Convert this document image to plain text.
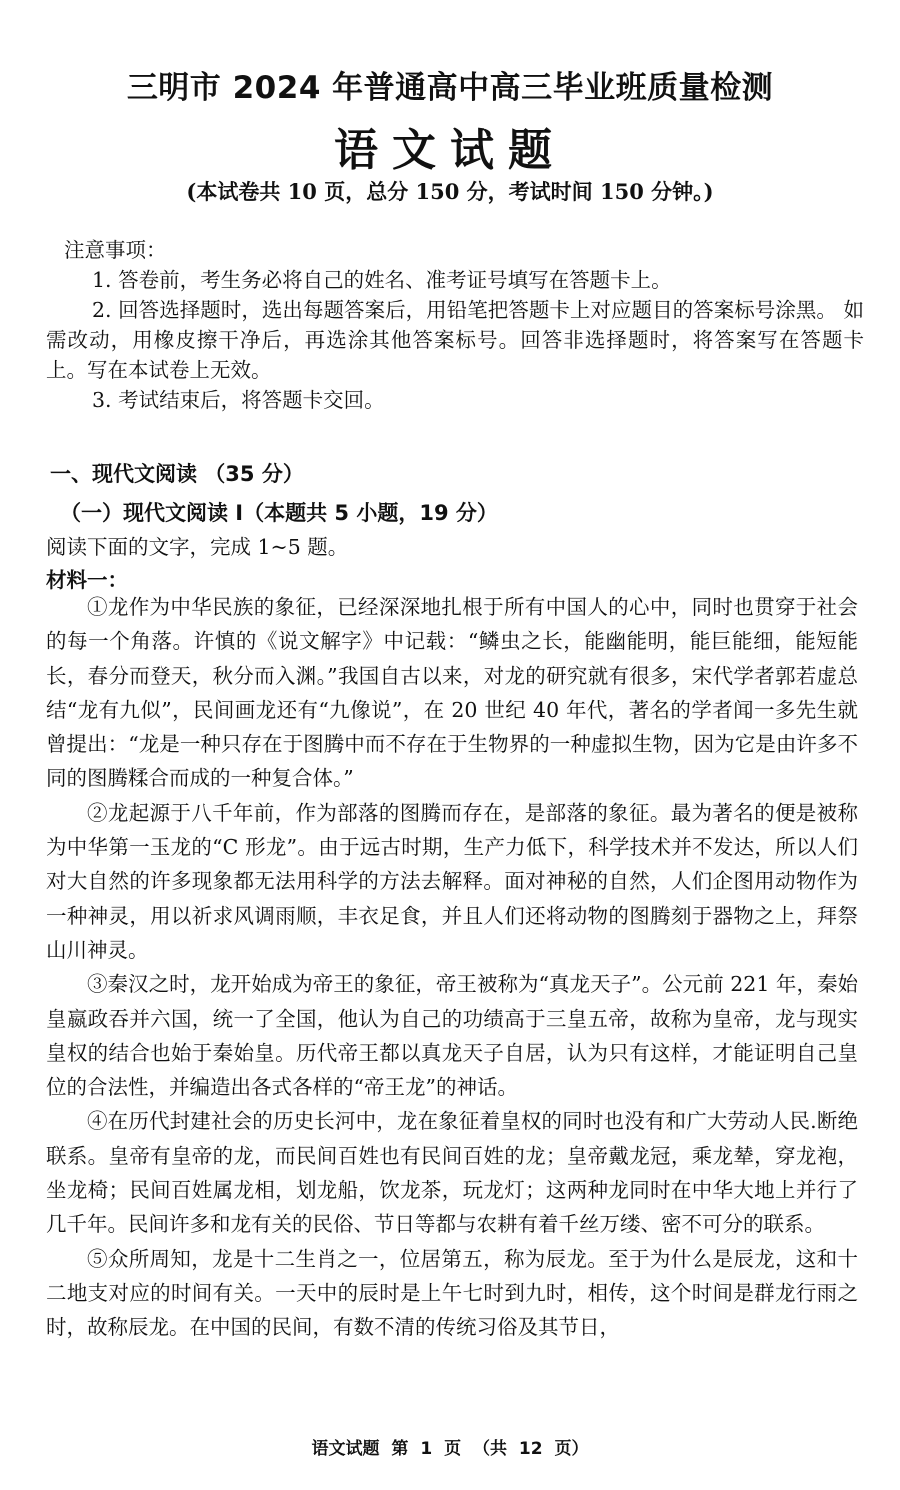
三明市 2024 年普通高中高三毕业班质量检测
语文试题
(本试卷共 10 页，总分 150 分，考试时间 150 分钟。)
注意事项：
1. 答卷前，考生务必将自己的姓名、准考证号填写在答题卡上。
2. 回答选择题时，选出每题答案后，用铅笔把答题卡上对应题目的答案标号涂黑。 如需改动，用橡皮擦干净后，再选涂其他答案标号。回答非选择题时，将答案写在答题卡上。写在本试卷上无效。
3. 考试结束后，将答题卡交回。
一、现代文阅读 （35 分）
（一）现代文阅读 Ⅰ（本题共 5 小题，19 分）
阅读下面的文字，完成 1~5 题。
材料一：

①龙作为中华民族的象征，已经深深地扎根于所有中国人的心中，同时也贯穿于社会的每一个角落。许慎的《说文解字》中记载：“鳞虫之长，能幽能明，能巨能细，能短能长，春分而登天，秋分而入渊。”我国自古以来，对龙的研究就有很多，宋代学者郭若虚总结“龙有九似”，民间画龙还有“九像说”，在 20 世纪 40 年代，著名的学者闻一多先生就曾提出：“龙是一种只存在于图腾中而不存在于生物界的一种虚拟生物，因为它是由许多不同的图腾糅合而成的一种复合体。”

②龙起源于八千年前，作为部落的图腾而存在，是部落的象征。最为著名的便是被称为中华第一玉龙的“C 形龙”。由于远古时期，生产力低下，科学技术并不发达，所以人们对大自然的许多现象都无法用科学的方法去解释。面对神秘的自然，人们企图用动物作为一种神灵，用以祈求风调雨顺，丰衣足食，并且人们还将动物的图腾刻于器物之上，拜祭山川神灵。

③秦汉之时，龙开始成为帝王的象征，帝王被称为“真龙天子”。公元前 221 年，秦始皇嬴政吞并六国，统一了全国，他认为自己的功绩高于三皇五帝，故称为皇帝，龙与现实皇权的结合也始于秦始皇。历代帝王都以真龙天子自居，认为只有这样，才能证明自己皇位的合法性，并编造出各式各样的“帝王龙”的神话。

④在历代封建社会的历史长河中，龙在象征着皇权的同时也没有和广大劳动人民.断绝联系。皇帝有皇帝的龙，而民间百姓也有民间百姓的龙；皇帝戴龙冠，乘龙辇，穿龙袍，坐龙椅；民间百姓属龙相，划龙船，饮龙茶，玩龙灯；这两种龙同时在中华大地上并行了几千年。民间许多和龙有关的民俗、节日等都与农耕有着千丝万缕、密不可分的联系。

⑤众所周知，龙是十二生肖之一，位居第五，称为辰龙。至于为什么是辰龙，这和十二地支对应的时间有关。一天中的辰时是上午七时到九时，相传，这个时间是群龙行雨之时，故称辰龙。在中国的民间，有数不清的传统习俗及其节日，

语文试题 第 1 页 （共 12 页）
